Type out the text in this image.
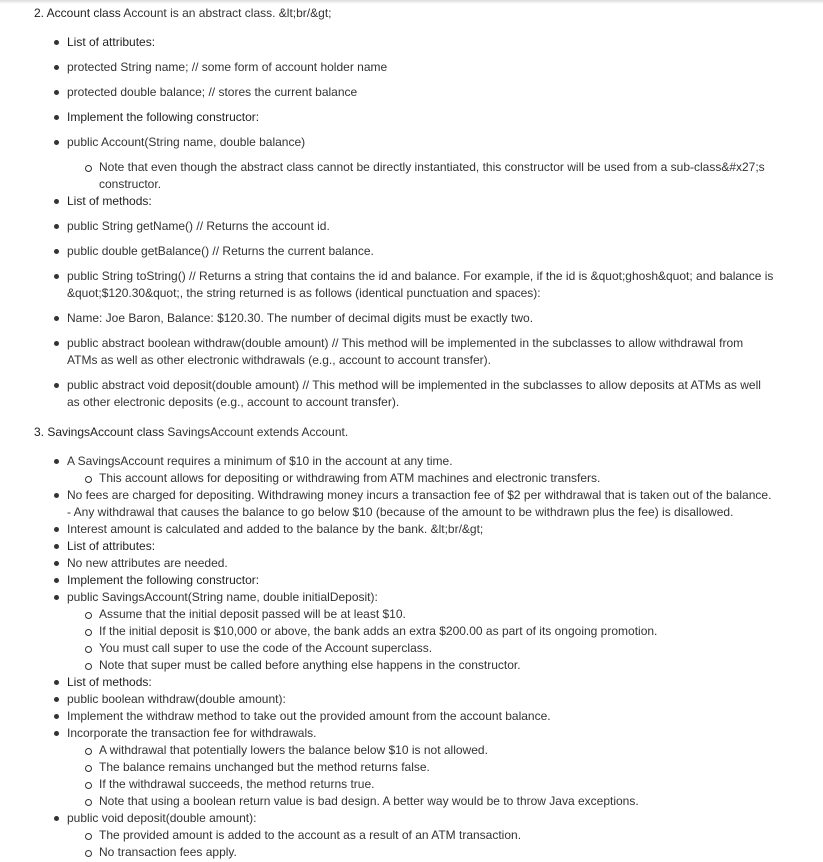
2. Account class Account is an abstract class. &lt;br/&gt;
List of attributes:
protected String name; // some form of account holder name
protected double balance; // stores the current balance
Implement the following constructor:
public Account(String name, double balance)
Note that even though the abstract class cannot be directly instantiated, this constructor will be used from a sub-class&#x27;s
constructor.
List of methods:
public String getName() // Returns the account id.
public double getBalance() // Returns the current balance.
public String toString() // Returns a string that contains the id and balance. For example, if the id is &quot;ghosh&quot; and balance is
&quot;$120.30&quot;, the string returned is as follows (identical punctuation and spaces):
Name: Joe Baron, Balance: $120.30. The number of decimal digits must be exactly two.
public abstract boolean withdraw(double amount) // This method will be implemented in the subclasses to allow withdrawal from
ATMs as well as other electronic withdrawals (e.g., account to account transfer).
public abstract void deposit(double amount) // This method will be implemented in the subclasses to allow deposits at ATMs as well
as other electronic deposits (e.g., account to account transfer).
3. SavingsAccount class SavingsAccount extends Account.
A SavingsAccount requires a minimum of $10 in the account at any time.
This account allows for depositing or withdrawing from ATM machines and electronic transfers.
No fees are charged for depositing. Withdrawing money incurs a transaction fee of $2 per withdrawal that is taken out of the balance.
- Any withdrawal that causes the balance to go below $10 (because of the amount to be withdrawn plus the fee) is disallowed.
Interest amount is calculated and added to the balance by the bank. &lt;br/&gt;
List of attributes:
No new attributes are needed.
Implement the following constructor:
public SavingsAccount(String name, double initialDeposit):
Assume that the initial deposit passed will be at least $10.
If the initial deposit is $10,000 or above, the bank adds an extra $200.00 as part of its ongoing promotion.
You must call super to use the code of the Account superclass.
Note that super must be called before anything else happens in the constructor.
List of methods:
public boolean withdraw(double amount):
Implement the withdraw method to take out the provided amount from the account balance.
Incorporate the transaction fee for withdrawals.
A withdrawal that potentially lowers the balance below $10 is not allowed.
The balance remains unchanged but the method returns false.
If the withdrawal succeeds, the method returns true.
Note that using a boolean return value is bad design. A better way would be to throw Java exceptions.
public void deposit(double amount):
The provided amount is added to the account as a result of an ATM transaction.
No transaction fees apply.
